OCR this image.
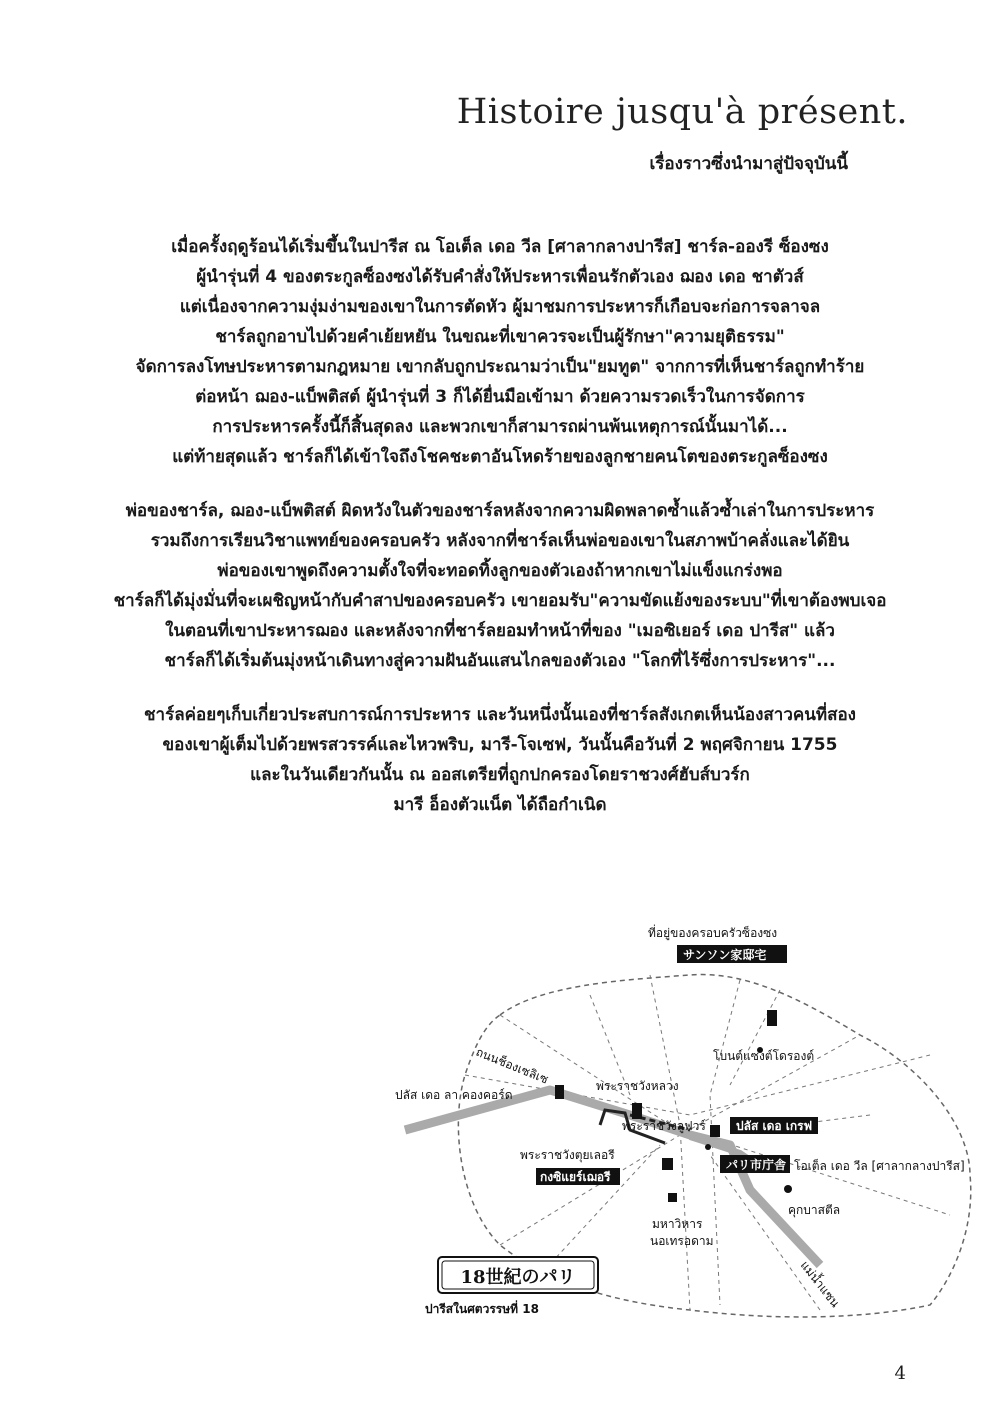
Histoire jusqu'à présent.

เรื่องราวซึ่งนำมาสู่ปัจจุบันนี้

เมื่อครั้งฤดูร้อนได้เริ่มขึ้นในปารีส ณ โอเต็ล เดอ วีล [ศาลากลางปารีส] ชาร์ล-อองรี ซ็องซง
ผู้นำรุ่นที่ 4 ของตระกูลซ็องซงได้รับคำสั่งให้ประหารเพื่อนรักตัวเอง ฌอง เดอ ชาตัวส์
แต่เนื่องจากความงุ่มง่ามของเขาในการตัดหัว ผู้มาชมการประหารก็เกือบจะก่อการจลาจล
ชาร์ลถูกอาบไปด้วยคำเย้ยหยัน ในขณะที่เขาควรจะเป็นผู้รักษา"ความยุติธรรม"
จัดการลงโทษประหารตามกฎหมาย เขากลับถูกประณามว่าเป็น"ยมทูต" จากการที่เห็นชาร์ลถูกทำร้าย
ต่อหน้า ฌอง-แบ็พติสต์ ผู้นำรุ่นที่ 3 ก็ได้ยื่นมือเข้ามา ด้วยความรวดเร็วในการจัดการ
การประหารครั้งนี้ก็สิ้นสุดลง และพวกเขาก็สามารถผ่านพ้นเหตุการณ์นั้นมาได้...
แต่ท้ายสุดแล้ว ชาร์ลก็ได้เข้าใจถึงโชคชะตาอันโหดร้ายของลูกชายคนโตของตระกูลซ็องซง

พ่อของชาร์ล, ฌอง-แบ็พติสต์ ผิดหวังในตัวของชาร์ลหลังจากความผิดพลาดซ้ำแล้วซ้ำเล่าในการประหาร
รวมถึงการเรียนวิชาแพทย์ของครอบครัว หลังจากที่ชาร์ลเห็นพ่อของเขาในสภาพบ้าคลั่งและได้ยิน
พ่อของเขาพูดถึงความตั้งใจที่จะทอดทิ้งลูกของตัวเองถ้าหากเขาไม่แข็งแกร่งพอ
ชาร์ลก็ได้มุ่งมั่นที่จะเผชิญหน้ากับคำสาปของครอบครัว เขายอมรับ"ความขัดแย้งของระบบ"ที่เขาต้องพบเจอ
ในตอนที่เขาประหารฌอง และหลังจากที่ชาร์ลยอมทำหน้าที่ของ "เมอซิเยอร์ เดอ ปารีส" แล้ว
ชาร์ลก็ได้เริ่มต้นมุ่งหน้าเดินทางสู่ความฝันอันแสนไกลของตัวเอง "โลกที่ไร้ซึ่งการประหาร"...

ชาร์ลค่อยๆเก็บเกี่ยวประสบการณ์การประหาร และวันหนึ่งนั้นเองที่ชาร์ลสังเกตเห็นน้องสาวคนที่สอง
ของเขาผู้เต็มไปด้วยพรสวรรค์และไหวพริบ, มารี-โจเซฟ, วันนั้นคือวันที่ 2 พฤศจิกายน 1755
และในวันเดียวกันนั้น ณ ออสเตรียที่ถูกปกครองโดยราชวงศ์ฮับส์บวร์ก
มารี อ็องตัวแน็ต ได้ถือกำเนิด

ที่อยู่ของครอบครัวซ็องซง
サンソン家邸宅
โบนต์แซงต์โดรองต์
ถนนช็องเซลิเซ
ปลัส เดอ ลา คองคอร์ด
พระราชวังหลวง
พระราชวังลูฟวร์	ปลัส เดอ เกรฟ
พระราชวังตุยเลอรี
パリ市庁舎 โอเต็ล เดอ วีล [ศาลากลางปารีส]
กงซิแยร์เฌอรี
คุกบาสตีล
มหาวิหาร
นอเทรอดาม
แม่น้ำแซน
18世紀のパリ
ปารีสในศตวรรษที่ 18

4
